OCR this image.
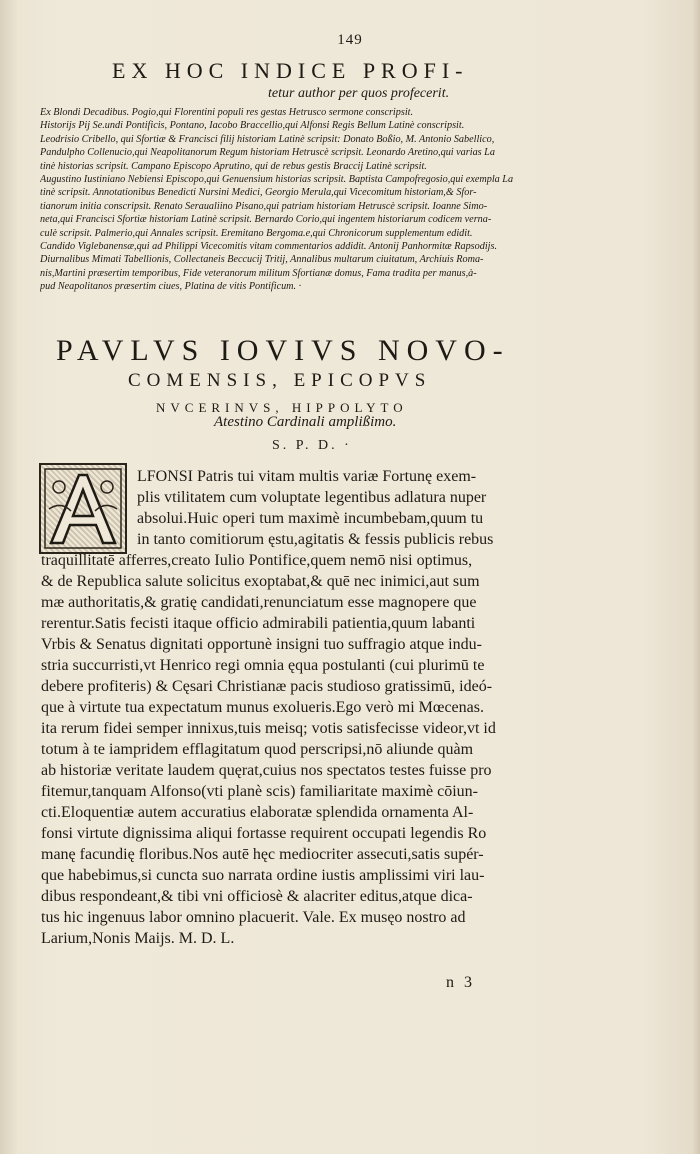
149
EX HOC INDICE PROFI-
tetur author per quos profecerit.
Ex Blondi Decadibus. Pogio,qui Florentini populi res gestas Hetrusco sermone conscripsit.
Historijs Pij Se.undi Pontificis, Pontano, Iacobo Braccellio,qui Alfonsi Regis Bellum Latinè conscripsit.
Leodrisio Cribello, qui Sfortiæ & Francisci filij historiam Latinè scripsit: Donato Boßio, M. Antonio Sabellico,
Pandulpho Collenucio,qui Neapolitanorum Regum historiam Hetruscè scripsit. Leonardo Aretino,qui varias La
tinè historias scripsit. Campano Episcopo Aprutino, qui de rebus gestis Braccij Latinè scripsit.
Augustino Iustiniano Nebiensi Episcopo,qui Genuensium historias scripsit. Baptista Campofregosio,qui exempla La
tinè scripsit. Annotationibus Benedicti Nursini Medici, Georgio Merula,qui Vicecomitum historiam,& Sfor-
tianorum initia conscripsit. Renato Seraualiino Pisano,qui patriam historiam Hetruscè scripsit. Ioanne Simo-
neta,qui Francisci Sfortiæ historiam Latinè scripsit. Bernardo Corio,qui ingentem historiarum codicem verna-
culè scripsit. Palmerio,qui Annales scripsit. Eremitano Bergoma.e,qui Chronicorum supplementum edidit.
Candido Viglebanensæ,qui ad Philippi Vicecomitis vitam commentarios addidit. Antonij Panhormitæ Rapsodijs.
Diurnalibus Mimati Tabellionis, Collectaneis Beccucij Tritij, Annalibus multarum ciuitatum, Archiuis Roma-
nis,Martini præsertim temporibus, Fide veteranorum militum Sfortianæ domus, Fama tradita per manus,à-
pud Neapolitanos præsertim ciues, Platina de vitis Pontificum. ·
PAVLVS IOVIVS NOVO-
COMENSIS, EPICOPVS
NVCERINVS, HIPPOLYTO
Atestino Cardinali amplißimo.
S. P. D. ·
LFONSI Patris tui vitam multis variæ Fortunę exem-
plis vtilitatem cum voluptate legentibus adlatura nuper
absolui.Huic operi tum maximè incumbebam,quum tu
in tanto comitiorum ęstu,agitatis & fessis publicis rebus
traquillitatē afferres,creato Iulio Pontifice,quem nemō nisi optimus,
& de Republica salute solicitus exoptabat,& quē nec inimici,aut sum
mæ authoritatis,& gratię candidati,renunciatum esse magnopere que
rerentur.Satis fecisti itaque officio admirabili patientia,quum labanti
Vrbis & Senatus dignitati opportunè insigni tuo suffragio atque indu-
stria succurristi,vt Henrico regi omnia ęqua postulanti (cui plurimū te
debere profiteris) & Cęsari Christianæ pacis studioso gratissimū, ideó-
que à virtute tua expectatum munus exolueris.Ego verò mi Mœcenas.
ita rerum fidei semper innixus,tuis meisq; votis satisfecisse videor,vt id
totum à te iampridem efflagitatum quod perscripsi,nō aliunde quàm
ab historiæ veritate laudem quęrat,cuius nos spectatos testes fuisse pro
fitemur,tanquam Alfonso(vti planè scis) familiaritate maximè cōiun-
cti.Eloquentiæ autem accuratius elaboratæ splendida ornamenta Al-
fonsi virtute dignissima aliqui fortasse requirent occupati legendis Ro
manę facundię floribus.Nos autē hęc mediocriter assecuti,satis supér-
que habebimus,si cuncta suo narrata ordine iustis amplissimi viri lau-
dibus respondeant,& tibi vni officiosè & alacriter editus,atque dica-
tus hic ingenuus labor omnino placuerit. Vale. Ex musęo nostro ad
Larium,Nonis Maijs. M. D. L.
n 3
